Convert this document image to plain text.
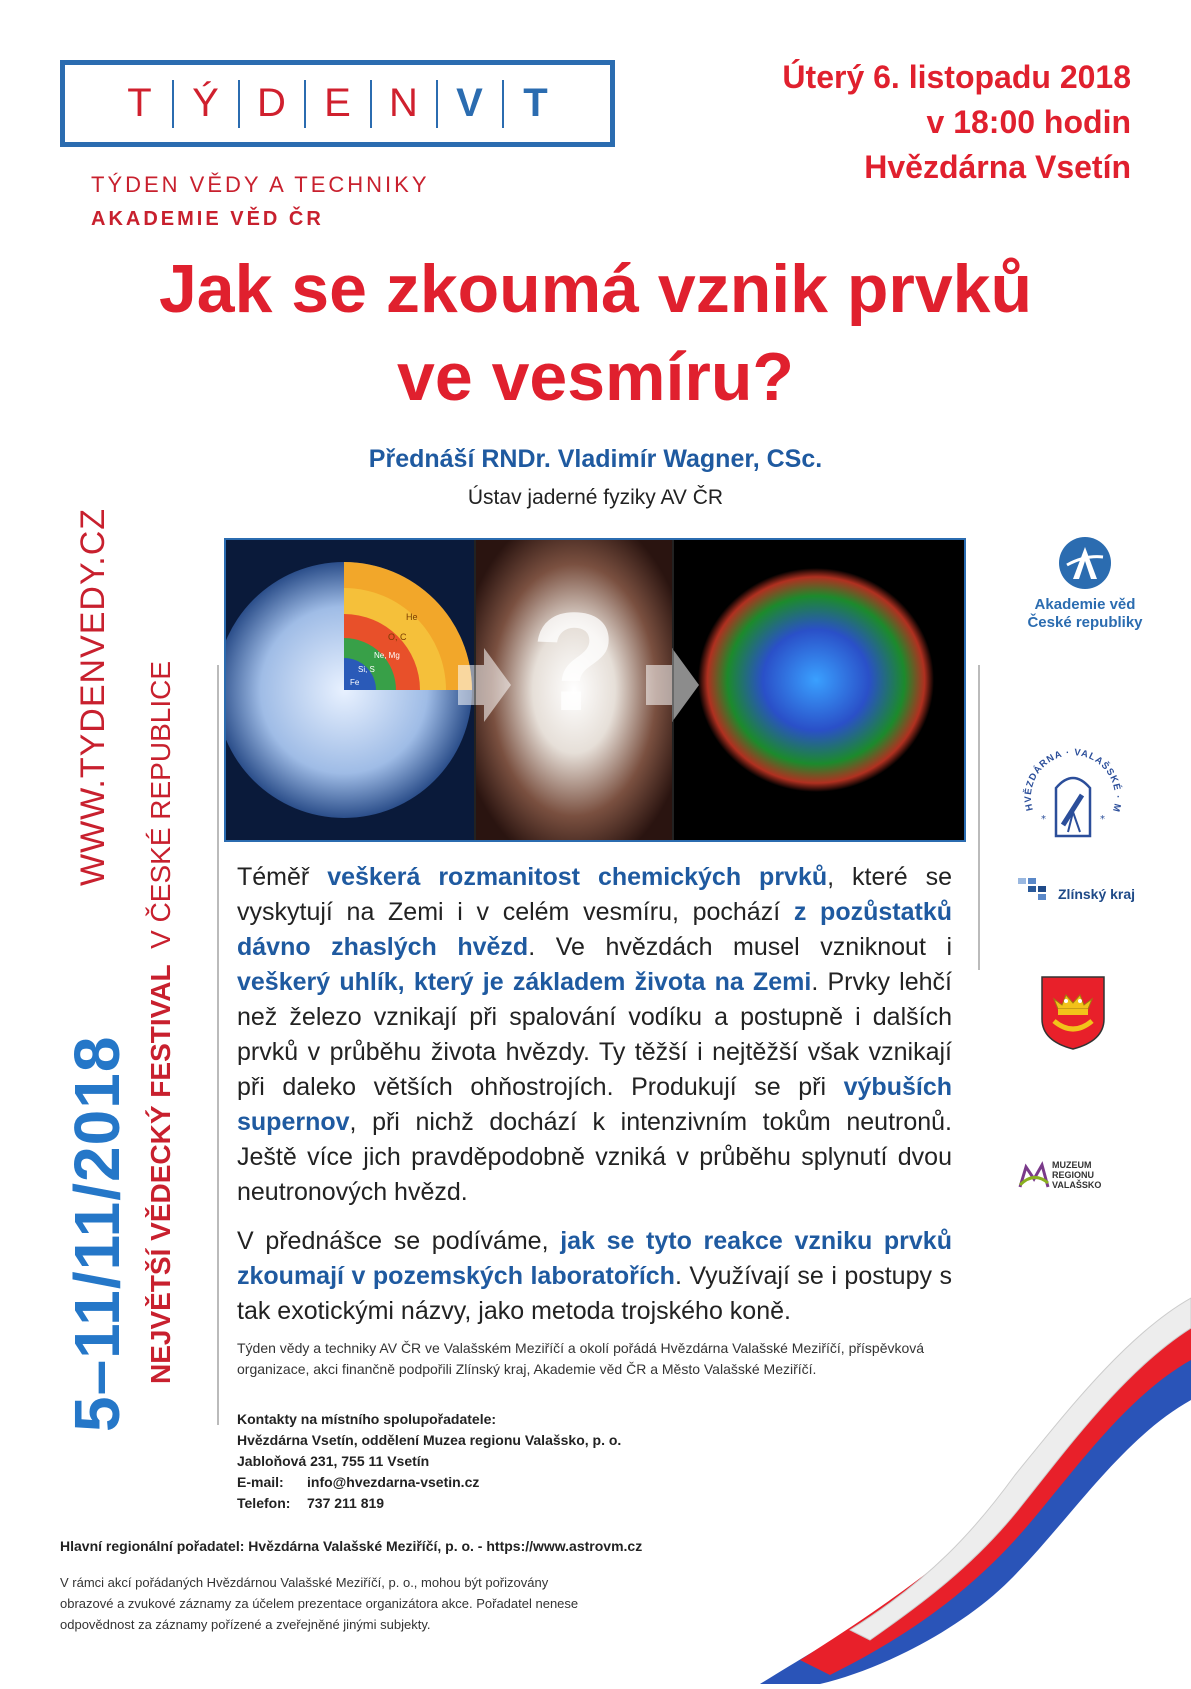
T Ý D E N V T
TÝDEN VĚDY A TECHNIKY
AKADEMIE VĚD ČR
Úterý 6. listopadu 2018
v 18:00 hodin
Hvězdárna Vsetín
Jak se zkoumá vznik prvků
ve vesmíru?
Přednáší RNDr. Vladimír Wagner, CSc.
Ústav jaderné fyziky AV ČR
WWW.TYDENVEDY.CZ
NEJVĚTŠÍ VĚDECKÝ FESTIVAL  V ČESKÉ REPUBLICE
5–11/11/2018
He
O, C
Ne, Mg
Si, S
Fe ?

Téměř veškerá rozmanitost chemických prvků, které se vyskytují na Zemi i v celém vesmíru, pochází z pozůstatků dávno zhaslých hvězd. Ve hvězdách musel vzniknout i veškerý uhlík, který je základem života na Zemi. Prvky lehčí než železo vznikají při spalování vodíku a postupně i dalších prvků v průběhu života hvězdy. Ty těžší i nejtěžší však vznikají při daleko větších ohňostrojích. Produkují se při výbuších supernov, při nichž dochází k intenzivním tokům neutronů. Ještě více jich pravděpodobně vzniká v průběhu splynutí dvou neutronových hvězd.

V přednášce se podíváme, jak se tyto reakce vzniku prvků zkoumají v pozemských laboratořích. Využívají se i postupy s tak exotickými názvy, jako metoda trojského koně.

Týden vědy a techniky AV ČR ve Valašském Meziříčí a okolí pořádá Hvězdárna Valašské Meziříčí, příspěvková organizace, akci finančně podpořili Zlínský kraj, Akademie věd ČR a Město Valašské Meziříčí.
Kontakty na místního spolupořadatele:
Hvězdárna Vsetín, oddělení Muzea regionu Valašsko, p. o.
Jabloňová 231, 755 11 Vsetín
E-mail: info@hvezdarna-vsetin.cz
Telefon: 737 211 819
Hlavní regionální pořadatel: Hvězdárna Valašské Meziříčí, p. o. - https://www.astrovm.cz
V rámci akcí pořádaných Hvězdárnou Valašské Meziříčí, p. o., mohou být pořizovány obrazové a zvukové záznamy za účelem prezentace organizátora akce. Pořadatel nenese odpovědnost za záznamy pořízené a zveřejněné jinými subjekty.
Akademie věd
České republiky
HVĚZDÁRNA · VALAŠSKÉ · M
*	*
Zlínský kraj
MUZEUM
REGIONU
VALAŠSKO
